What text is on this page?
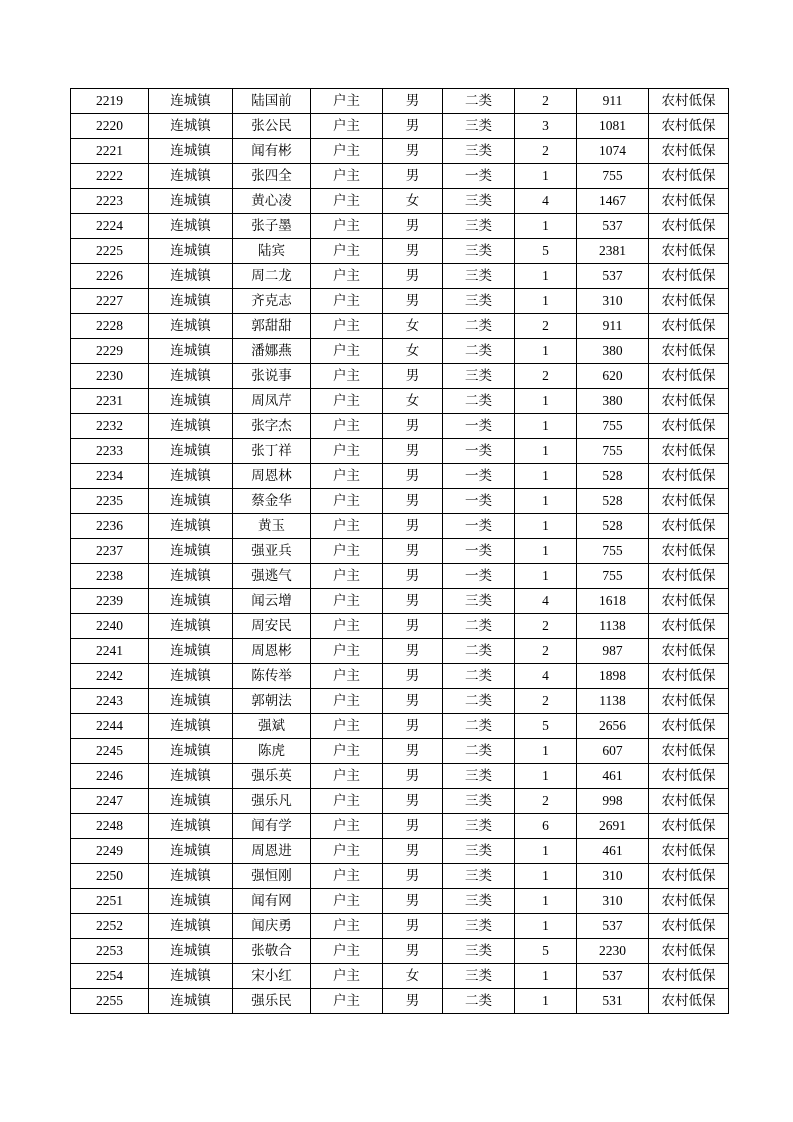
2219	连城镇	陆国前	户主	男	二类	2	911	农村低保
2220	连城镇	张公民	户主	男	三类	3	1081	农村低保
2221	连城镇	闻有彬	户主	男	三类	2	1074	农村低保
2222	连城镇	张四全	户主	男	一类	1	755	农村低保
2223	连城镇	黄心凌	户主	女	三类	4	1467	农村低保
2224	连城镇	张子墨	户主	男	三类	1	537	农村低保
2225	连城镇	陆宾	户主	男	三类	5	2381	农村低保
2226	连城镇	周二龙	户主	男	三类	1	537	农村低保
2227	连城镇	齐克志	户主	男	三类	1	310	农村低保
2228	连城镇	郭甜甜	户主	女	二类	2	911	农村低保
2229	连城镇	潘娜燕	户主	女	二类	1	380	农村低保
2230	连城镇	张说事	户主	男	三类	2	620	农村低保
2231	连城镇	周凤芹	户主	女	二类	1	380	农村低保
2232	连城镇	张字杰	户主	男	一类	1	755	农村低保
2233	连城镇	张丁祥	户主	男	一类	1	755	农村低保
2234	连城镇	周恩林	户主	男	一类	1	528	农村低保
2235	连城镇	蔡金华	户主	男	一类	1	528	农村低保
2236	连城镇	黄玉	户主	男	一类	1	528	农村低保
2237	连城镇	强亚兵	户主	男	一类	1	755	农村低保
2238	连城镇	强逃气	户主	男	一类	1	755	农村低保
2239	连城镇	闻云增	户主	男	三类	4	1618	农村低保
2240	连城镇	周安民	户主	男	二类	2	1138	农村低保
2241	连城镇	周恩彬	户主	男	二类	2	987	农村低保
2242	连城镇	陈传举	户主	男	二类	4	1898	农村低保
2243	连城镇	郭朝法	户主	男	二类	2	1138	农村低保
2244	连城镇	强斌	户主	男	二类	5	2656	农村低保
2245	连城镇	陈虎	户主	男	二类	1	607	农村低保
2246	连城镇	强乐英	户主	男	三类	1	461	农村低保
2247	连城镇	强乐凡	户主	男	三类	2	998	农村低保
2248	连城镇	闻有学	户主	男	三类	6	2691	农村低保
2249	连城镇	周恩进	户主	男	三类	1	461	农村低保
2250	连城镇	强恒刚	户主	男	三类	1	310	农村低保
2251	连城镇	闻有网	户主	男	三类	1	310	农村低保
2252	连城镇	闻庆勇	户主	男	三类	1	537	农村低保
2253	连城镇	张敬合	户主	男	三类	5	2230	农村低保
2254	连城镇	宋小红	户主	女	三类	1	537	农村低保
2255	连城镇	强乐民	户主	男	二类	1	531	农村低保
